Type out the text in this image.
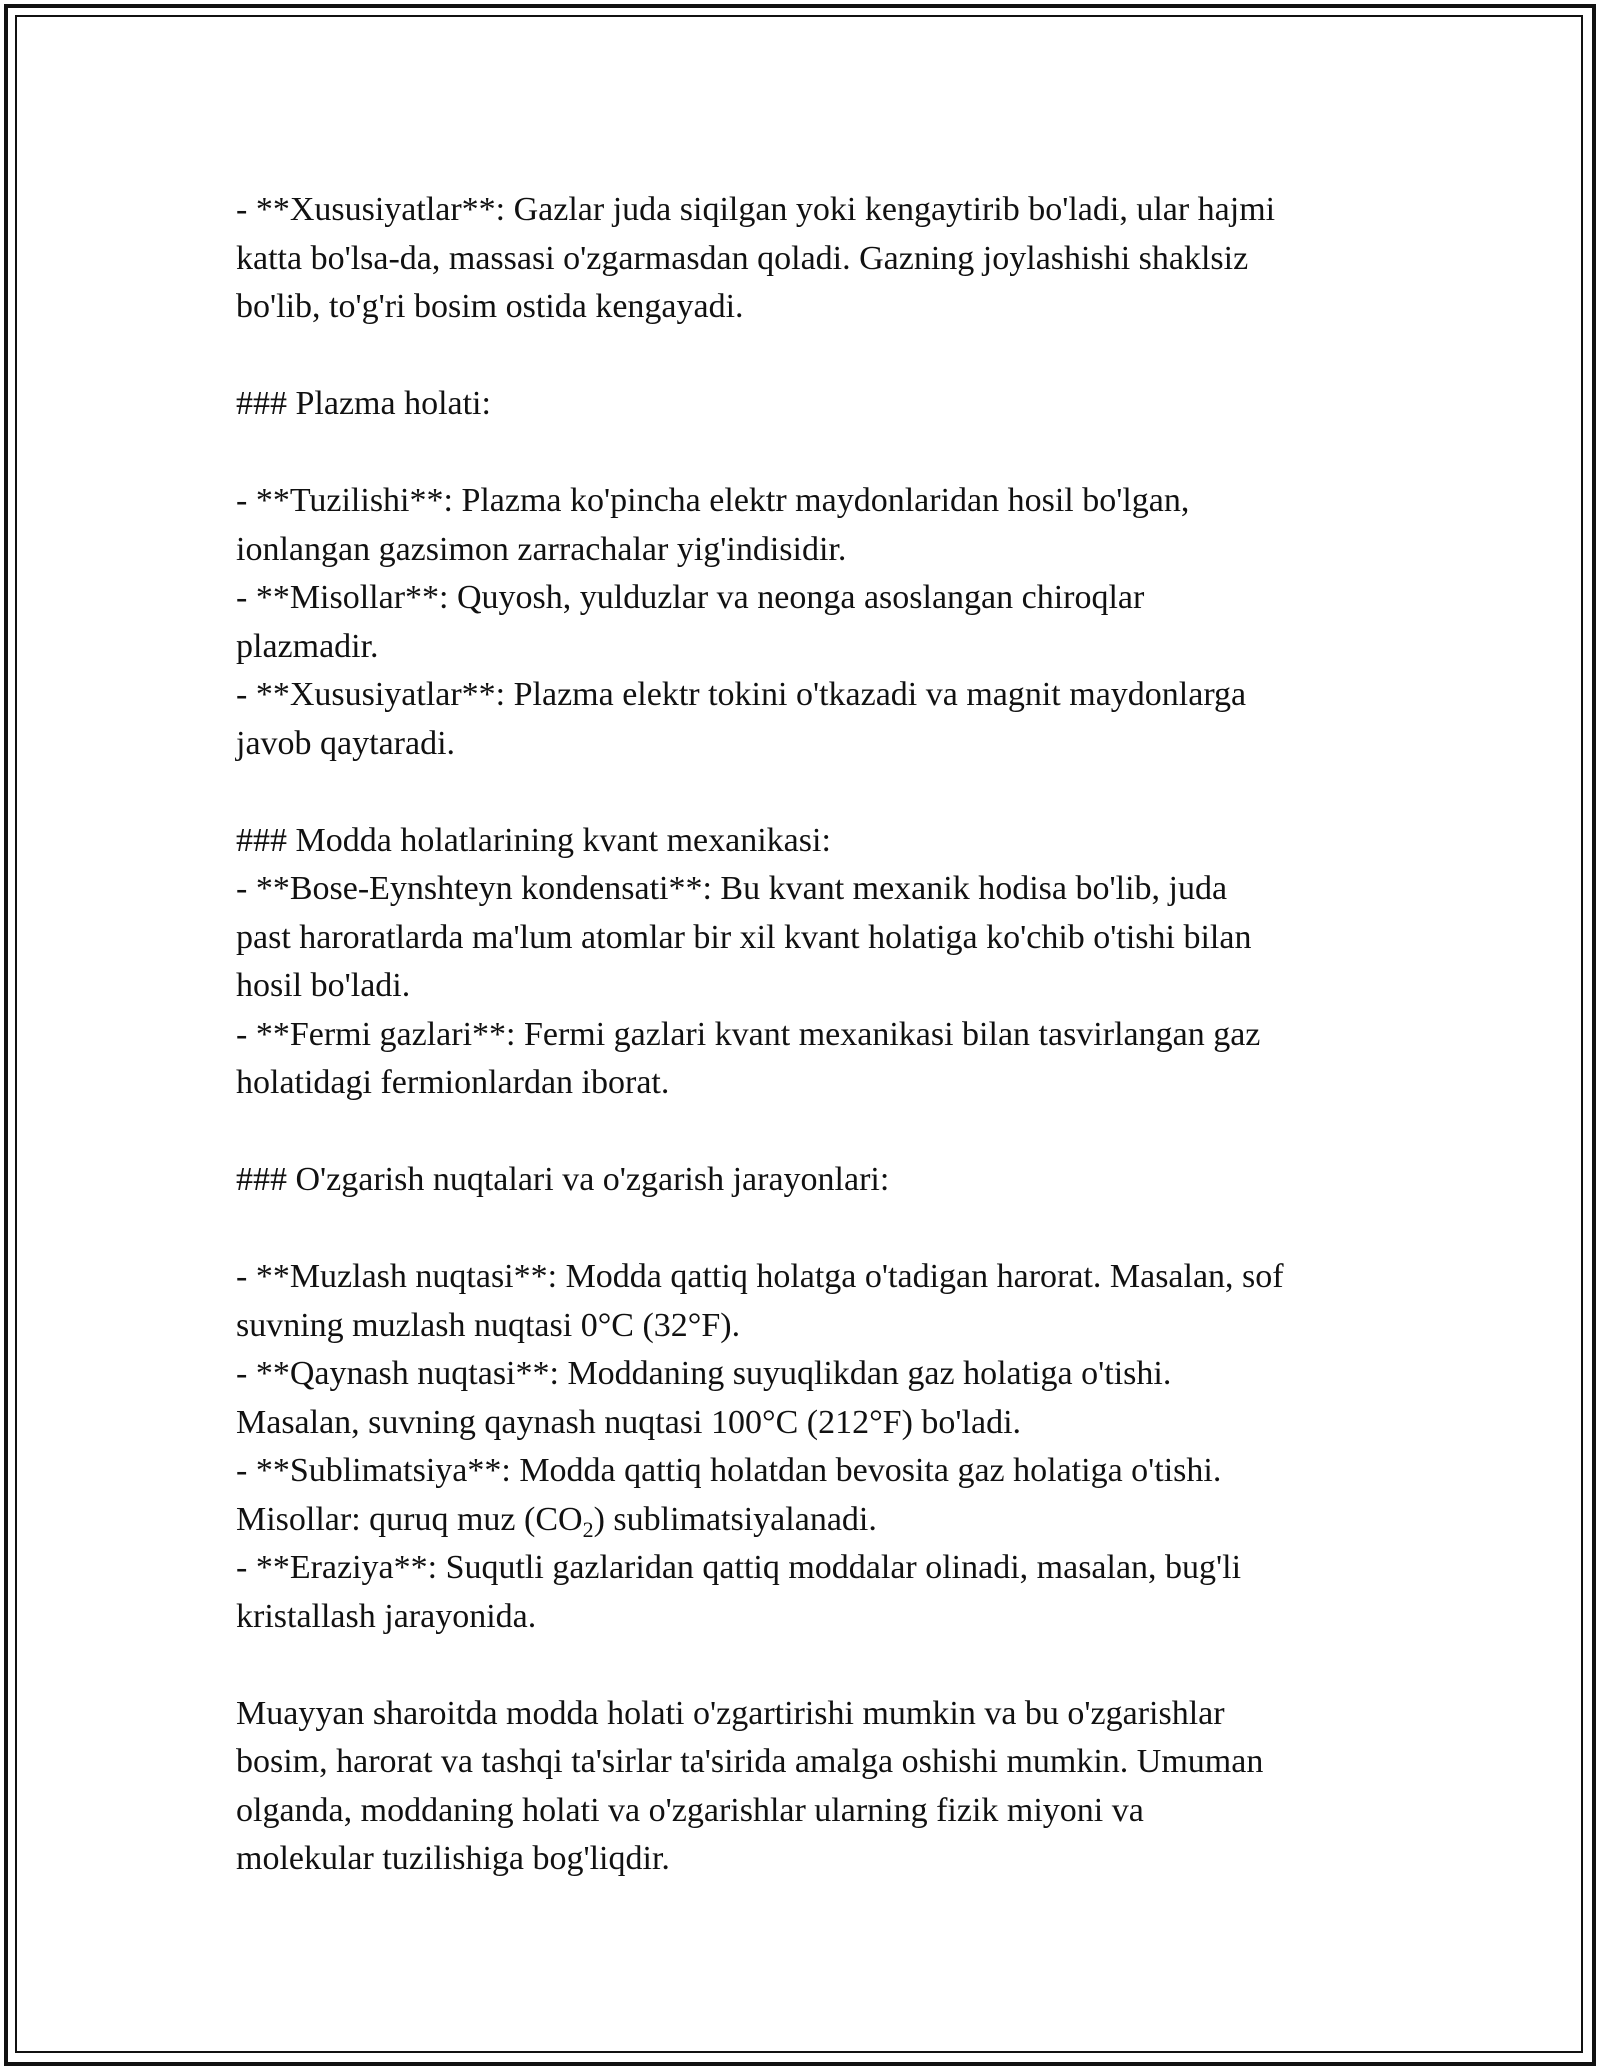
- **Xususiyatlar**: Gazlar juda siqilgan yoki kengaytirib bo'ladi, ular hajmi
katta bo'lsa-da, massasi o'zgarmasdan qoladi. Gazning joylashishi shaklsiz
bo'lib, to'g'ri bosim ostida kengayadi.
### Plazma holati:
- **Tuzilishi**: Plazma ko'pincha elektr maydonlaridan hosil bo'lgan,
ionlangan gazsimon zarrachalar yig'indisidir.
- **Misollar**: Quyosh, yulduzlar va neonga asoslangan chiroqlar
plazmadir.
- **Xususiyatlar**: Plazma elektr tokini o'tkazadi va magnit maydonlarga
javob qaytaradi.
### Modda holatlarining kvant mexanikasi:
- **Bose-Eynshteyn kondensati**: Bu kvant mexanik hodisa bo'lib, juda
past haroratlarda ma'lum atomlar bir xil kvant holatiga ko'chib o'tishi bilan
hosil bo'ladi.
- **Fermi gazlari**: Fermi gazlari kvant mexanikasi bilan tasvirlangan gaz
holatidagi fermionlardan iborat.
### O'zgarish nuqtalari va o'zgarish jarayonlari:
- **Muzlash nuqtasi**: Modda qattiq holatga o'tadigan harorat. Masalan, sof
suvning muzlash nuqtasi 0°C (32°F).
- **Qaynash nuqtasi**: Moddaning suyuqlikdan gaz holatiga o'tishi.
Masalan, suvning qaynash nuqtasi 100°C (212°F) bo'ladi.
- **Sublimatsiya**: Modda qattiq holatdan bevosita gaz holatiga o'tishi.
Misollar: quruq muz $(CO_2)$ sublimatsiyalanadi.
- **Eraziya**: Suqutli gazlaridan qattiq moddalar olinadi, masalan, bug'li
kristallash jarayonida.
Muayyan sharoitda modda holati o'zgartirishi mumkin va bu o'zgarishlar
bosim, harorat va tashqi ta'sirlar ta'sirida amalga oshishi mumkin. Umuman
olganda, moddaning holati va o'zgarishlar ularning fizik miyoni va
molekular tuzilishiga bog'liqdir.
